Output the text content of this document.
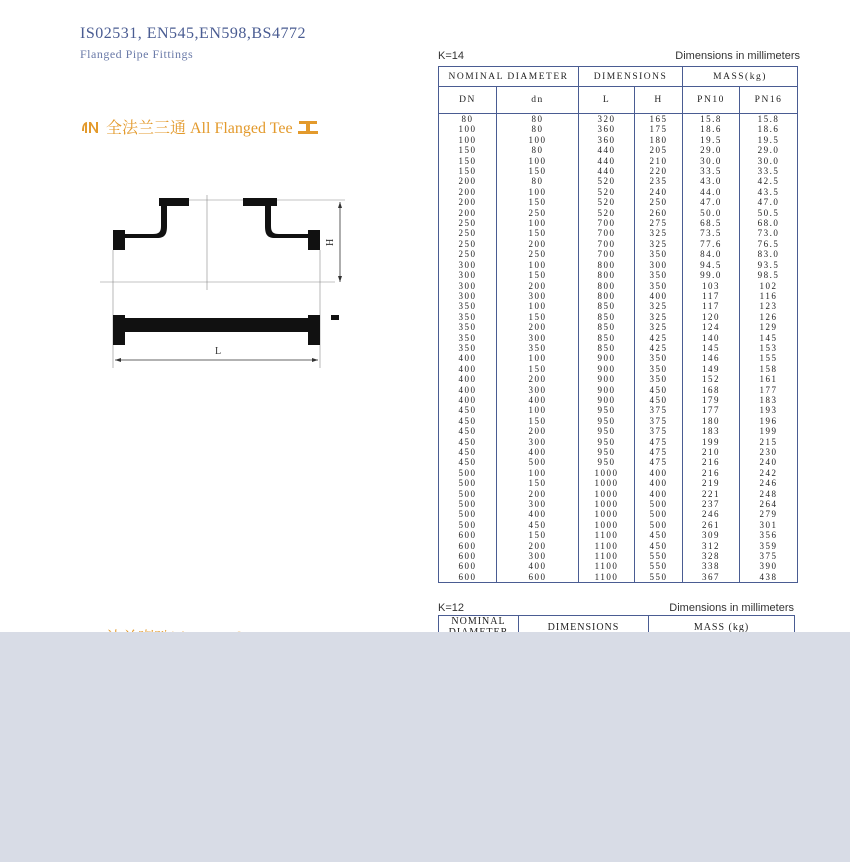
IS02531, EN545,EN598,BS4772
Flanged Pipe Fittings
全法兰三通 All Flanged Tee
L
H
K=14	Dimensions in millimeters
NOMINAL DIAMETER		DIMENSIONS		MASS(kg)	
DN	dn	L	H	PN10	PN16
80	80	320	165	15.8	15.8
100	80	360	175	18.6	18.6
100	100	360	180	19.5	19.5
150	80	440	205	29.0	29.0
150	100	440	210	30.0	30.0
150	150	440	220	33.5	33.5
200	80	520	235	43.0	42.5
200	100	520	240	44.0	43.5
200	150	520	250	47.0	47.0
200	250	520	260	50.0	50.5
250	100	700	275	68.5	68.0
250	150	700	325	73.5	73.0
250	200	700	325	77.6	76.5
250	250	700	350	84.0	83.0
300	100	800	300	94.5	93.5
300	150	800	350	99.0	98.5
300	200	800	350	103	102
300	300	800	400	117	116
350	100	850	325	117	123
350	150	850	325	120	126
350	200	850	325	124	129
350	300	850	425	140	145
350	350	850	425	145	153
400	100	900	350	146	155
400	150	900	350	149	158
400	200	900	350	152	161
400	300	900	450	168	177
400	400	900	450	179	183
450	100	950	375	177	193
450	150	950	375	180	196
450	200	950	375	183	199
450	300	950	475	199	215
450	400	950	475	210	230
450	500	950	475	216	240
500	100	1000	400	216	242
500	150	1000	400	219	246
500	200	1000	400	221	248
500	300	1000	500	237	264
500	400	1000	500	246	279
500	450	1000	500	261	301
600	150	1100	450	309	356
600	200	1100	450	312	359
600	300	1100	550	328	375
600	400	1100	550	338	390
600	600	1100	550	367	438
K=12	Dimensions in millimeters
NOMINAL	DIMENSIONS	MASS (kg)
